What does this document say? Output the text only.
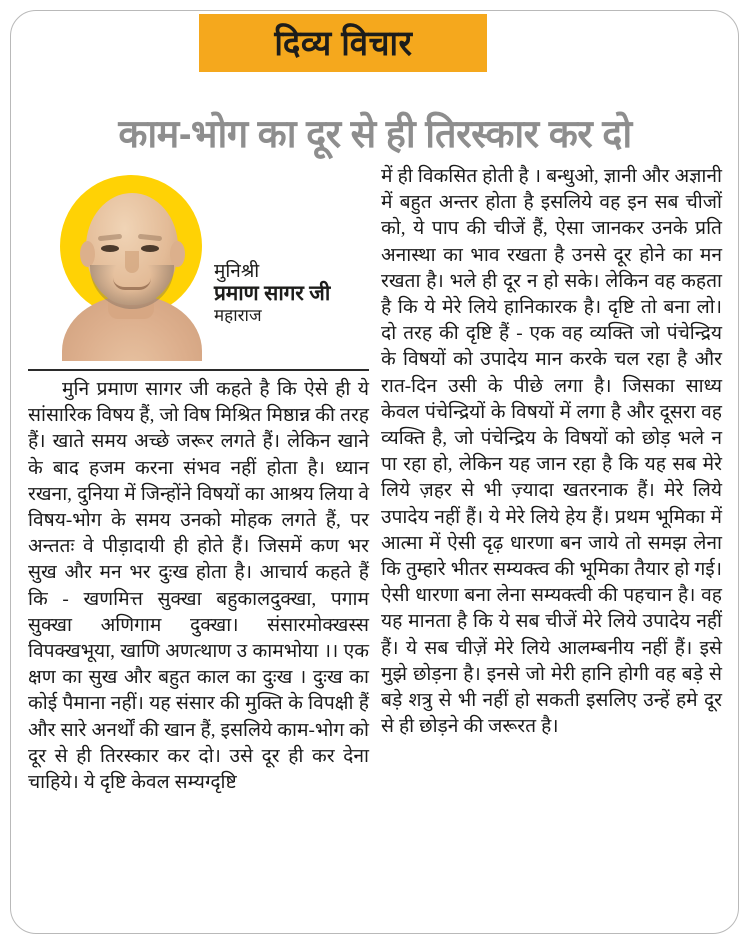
दिव्य विचार
काम-भोग का दूर से ही तिरस्कार कर दो
मुनिश्री
प्रमाण सागर जी
महाराज

मुनि प्रमाण सागर जी कहते है कि ऐसे ही ये सांसारिक विषय हैं, जो विष मिश्रित मिष्ठान्न की तरह हैं। खाते समय अच्छे जरूर लगते हैं। लेकिन खाने के बाद हजम करना संभव नहीं होता है। ध्यान रखना, दुनिया में जिन्होंने विषयों का आश्रय लिया वे विषय-भोग के समय उनको मोहक लगते हैं, पर अन्ततः वे पीड़ादायी ही होते हैं। जिसमें कण भर सुख और मन भर दुःख होता है। आचार्य कहते हैं कि - खणमित्त सुक्खा बहुकालदुक्खा, पगाम सुक्खा अणिगाम दुक्खा। संसारमोक्खस्स विपक्खभूया, खाणि अणत्थाण उ कामभोया ।। एक क्षण का सुख और बहुत काल का दुःख । दुःख का कोई पैमाना नहीं। यह संसार की मुक्ति के विपक्षी हैं और सारे अनर्थों की खान हैं, इसलिये काम-भोग को दूर से ही तिरस्कार कर दो। उसे दूर ही कर देना चाहिये। ये दृष्टि केवल सम्यग्दृष्टि

में ही विकसित होती है । बन्धुओ, ज्ञानी और अज्ञानी में बहुत अन्तर होता है इसलिये वह इन सब चीजों को, ये पाप की चीजें हैं, ऐसा जानकर उनके प्रति अनास्था का भाव रखता है उनसे दूर होने का मन रखता है। भले ही दूर न हो सके। लेकिन वह कहता है कि ये मेरे लिये हानिकारक है। दृष्टि तो बना लो। दो तरह की दृष्टि हैं - एक वह व्यक्ति जो पंचेन्द्रिय के विषयों को उपादेय मान करके चल रहा है और रात-दिन उसी के पीछे लगा है। जिसका साध्य केवल पंचेन्द्रियों के विषयों में लगा है और दूसरा वह व्यक्ति है, जो पंचेन्द्रिय के विषयों को छोड़ भले न पा रहा हो, लेकिन यह जान रहा है कि यह सब मेरे लिये ज़हर से भी ज़्यादा खतरनाक हैं। मेरे लिये उपादेय नहीं हैं। ये मेरे लिये हेय हैं। प्रथम भूमिका में आत्मा में ऐसी दृढ़ धारणा बन जाये तो समझ लेना कि तुम्हारे भीतर सम्यक्त्व की भूमिका तैयार हो गई। ऐसी धारणा बना लेना सम्यक्त्वी की पहचान है। वह यह मानता है कि ये सब चीजें मेरे लिये उपादेय नहीं हैं। ये सब चीज़ें मेरे लिये आलम्बनीय नहीं हैं। इसे मुझे छोड़ना है। इनसे जो मेरी हानि होगी वह बड़े से बड़े शत्रु से भी नहीं हो सकती इसलिए उन्हें हमे दूर से ही छोड़ने की जरूरत है।
